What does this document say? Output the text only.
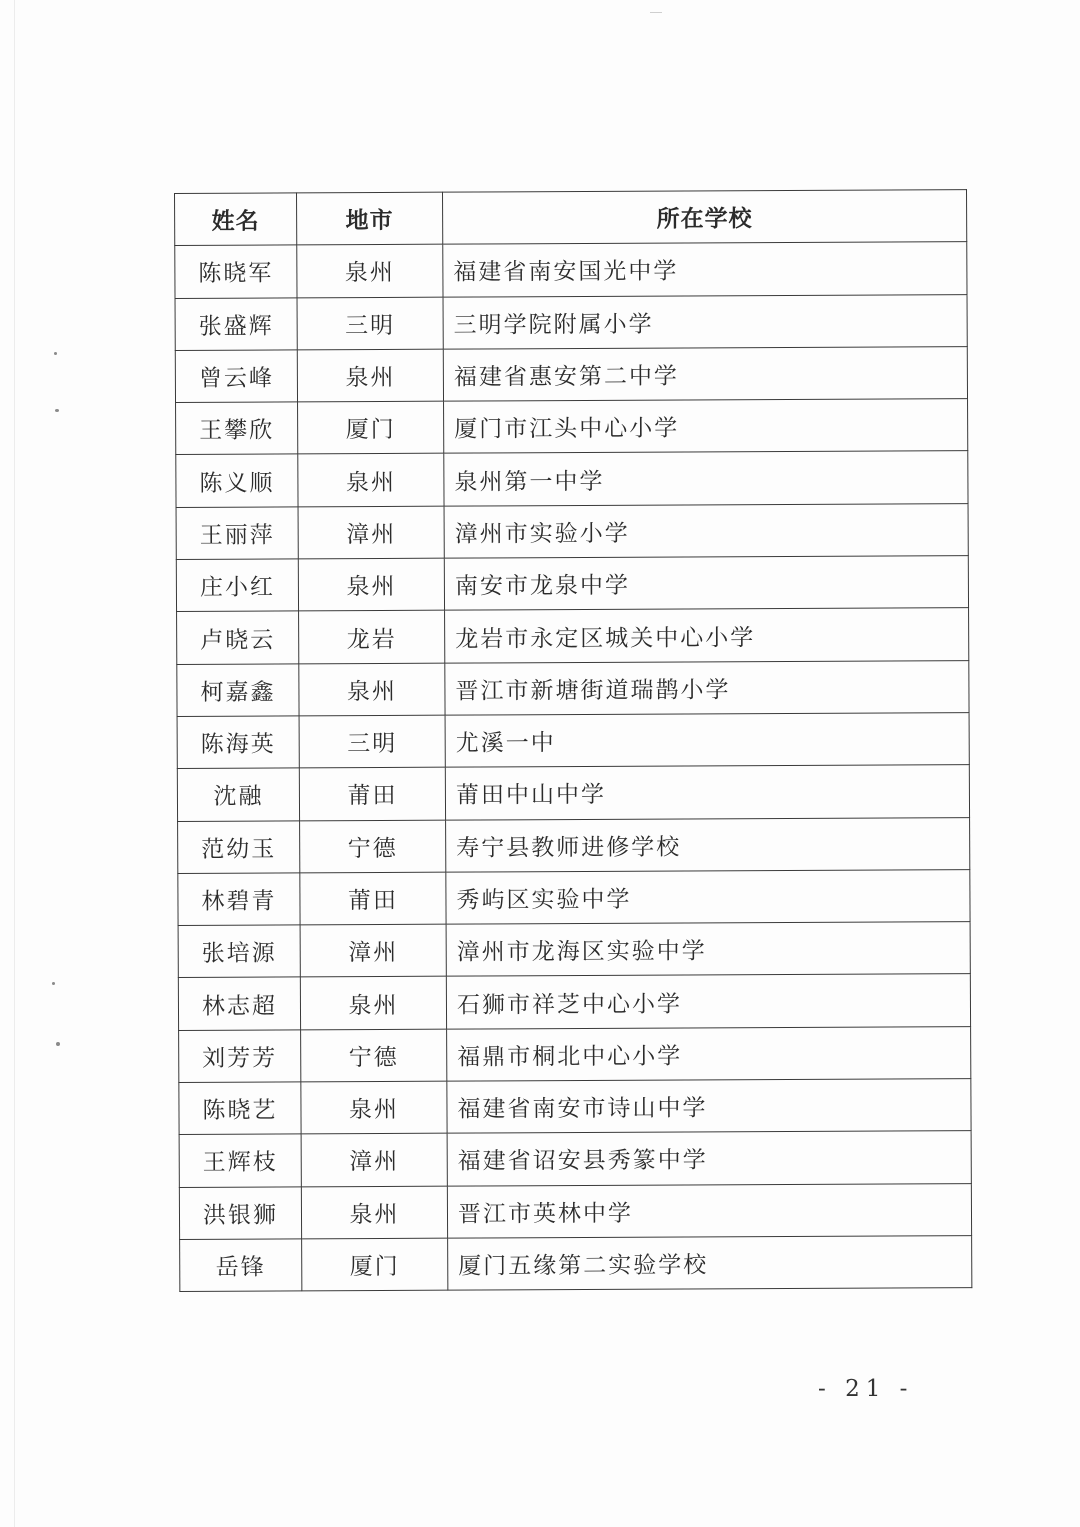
姓名	地市	所在学校
陈晓军	泉州	福建省南安国光中学
张盛辉	三明	三明学院附属小学
曾云峰	泉州	福建省惠安第二中学
王攀欣	厦门	厦门市江头中心小学
陈义顺	泉州	泉州第一中学
王丽萍	漳州	漳州市实验小学
庄小红	泉州	南安市龙泉中学
卢晓云	龙岩	龙岩市永定区城关中心小学
柯嘉鑫	泉州	晋江市新塘街道瑞鹊小学
陈海英	三明	尤溪一中
沈融	莆田	莆田中山中学
范幼玉	宁德	寿宁县教师进修学校
林碧青	莆田	秀屿区实验中学
张培源	漳州	漳州市龙海区实验中学
林志超	泉州	石狮市祥芝中心小学
刘芳芳	宁德	福鼎市桐北中心小学
陈晓艺	泉州	福建省南安市诗山中学
王辉枝	漳州	福建省诏安县秀篆中学
洪银狮	泉州	晋江市英林中学
岳锋	厦门	厦门五缘第二实验学校
- 21 -
